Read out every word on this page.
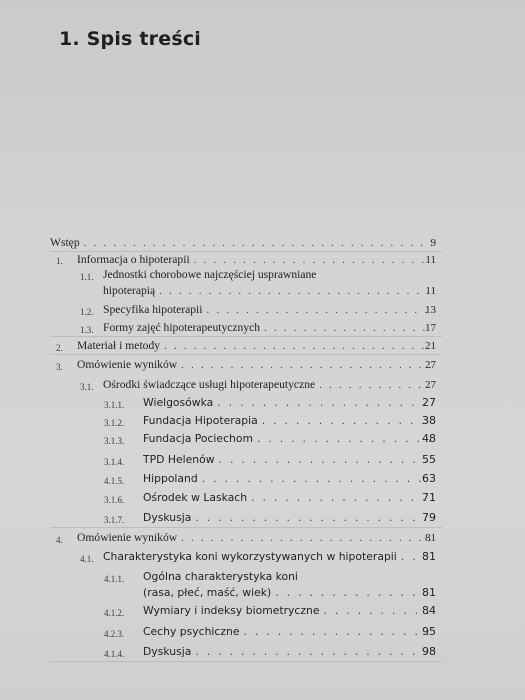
1. Spis treści
Wstęp . . .	9
1. Informacja o hipoterapii . . .	11
1.1. Jednostki chorobowe najczęściej usprawniane
hipoterapią . . .	11
1.2. Specyfika hipoterapii . . .	13
1.3. Formy zajęć hipoterapeutycznych . . .	17
2. Materiał i metody . . .	21
3. Omówienie wyników . . .	27
3.1. Ośrodki świadczące usługi hipoterapeutyczne . . .	27
3.1.1. Wielgosówka . . .	27
3.1.2. Fundacja Hipoterapia . . .	38
3.1.3. Fundacja Pociechom . . .	48
3.1.4. TPD Helenów . . .	55
4.1.5. Hippoland . . .	63
3.1.6. Ośrodek w Laskach . . .	71
3.1.7. Dyskusja . . .	79
4. Omówienie wyników . . .	81
4.1. Charakterystyka koni wykorzystywanych w hipoterapii . . .	81
4.1.1. Ogólna charakterystyka koni
(rasa, płeć, maść, wiek) . . .	81
4.1.2. Wymiary i indeksy biometryczne . . .	84
4.2.3. Cechy psychiczne . . .	95
4.1.4. Dyskusja . . .	98
